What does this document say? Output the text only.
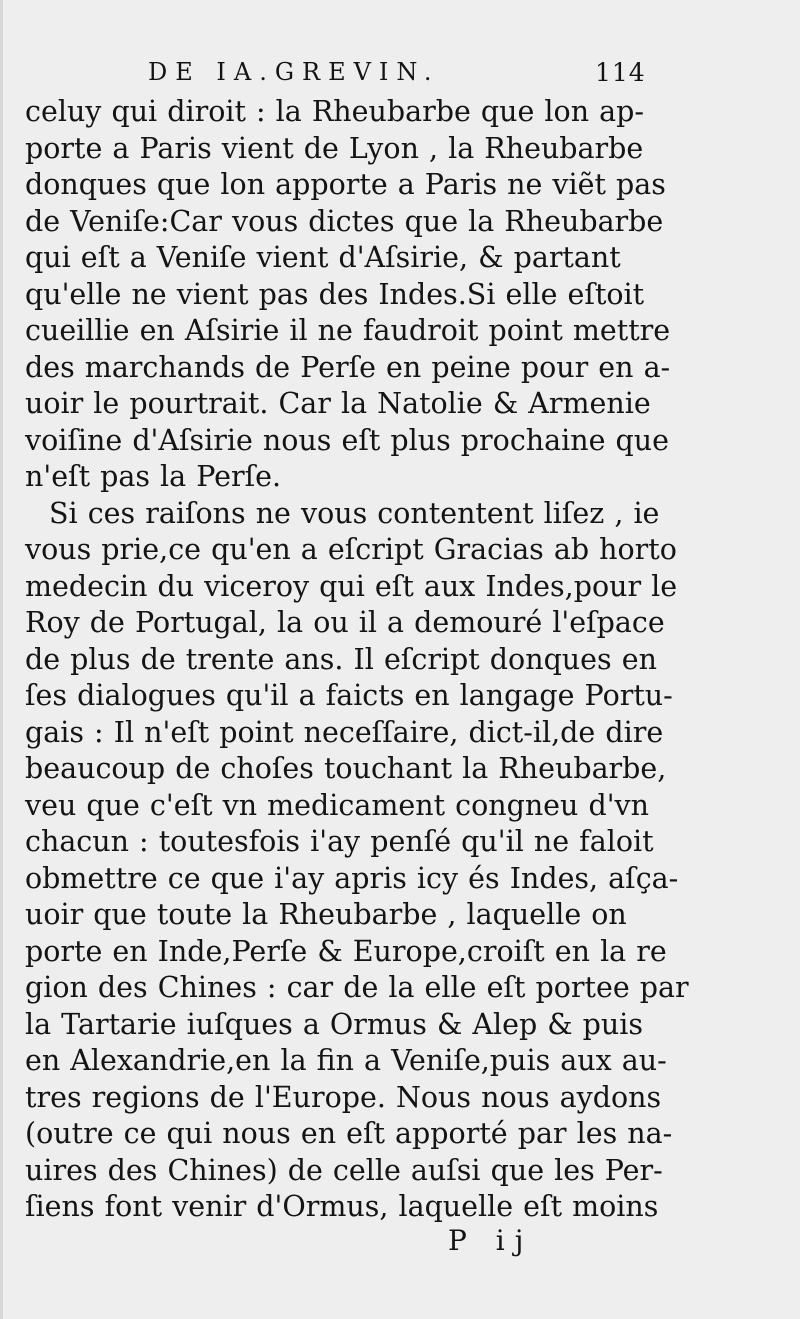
DE IA.GREVIN.	114
celuy qui diroit : la Rheubarbe que lon ap-
porte a Paris vient de Lyon , la Rheubarbe
donques que lon apporte a Paris ne viẽt pas
de Veniſe:Car vous dictes que la Rheubarbe
qui eſt a Veniſe vient d'Aſsirie, & partant
qu'elle ne vient pas des Indes.Si elle eſtoit
cueillie en Aſsirie il ne faudroit point mettre
des marchands de Perſe en peine pour en a-
uoir le pourtrait. Car la Natolie & Armenie
voiſine d'Aſsirie nous eſt plus prochaine que
n'eſt pas la Perſe.
Si ces raiſons ne vous contentent liſez , ie
vous prie,ce qu'en a eſcript Gracias ab horto
medecin du viceroy qui eſt aux Indes,pour le
Roy de Portugal, la ou il a demouré l'eſpace
de plus de trente ans. Il eſcript donques en
ſes dialogues qu'il a faicts en langage Portu-
gais : Il n'eſt point neceſſaire, dict-il,de dire
beaucoup de choſes touchant la Rheubarbe,
veu que c'eſt vn medicament congneu d'vn
chacun : toutesfois i'ay penſé qu'il ne faloit
obmettre ce que i'ay apris icy és Indes, aſça-
uoir que toute la Rheubarbe , laquelle on
porte en Inde,Perſe & Europe,croiſt en la re
gion des Chines : car de la elle eſt portee par
la Tartarie iuſques a Ormus & Alep & puis
en Alexandrie,en la fin a Veniſe,puis aux au-
tres regions de l'Europe. Nous nous aydons
(outre ce qui nous en eſt apporté par les na-
uires des Chines) de celle auſsi que les Per-
ſiens font venir d'Ormus, laquelle eſt moins
P ij
